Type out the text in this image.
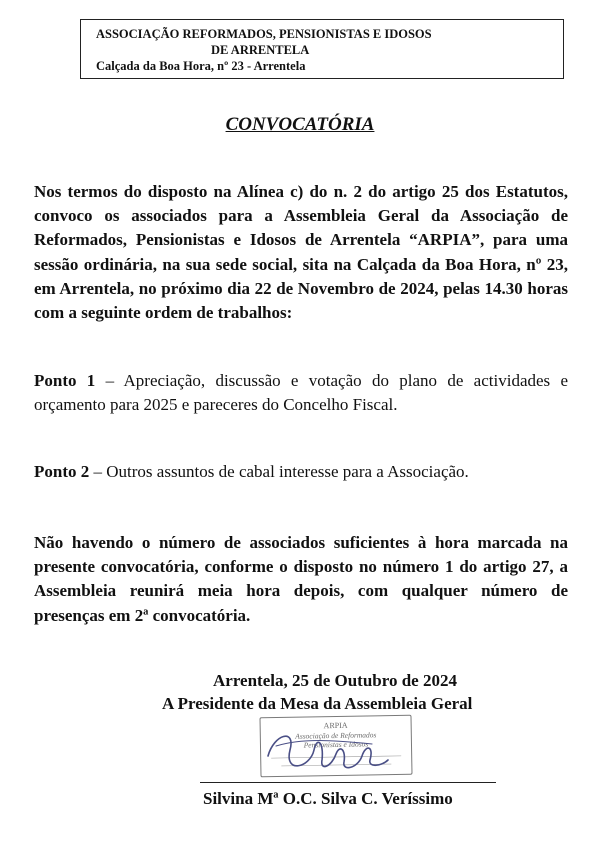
ASSOCIAÇÃO REFORMADOS, PENSIONISTAS E IDOSOS
DE ARRENTELA
Calçada da Boa Hora, nº 23 - Arrentela
CONVOCATÓRIA

Nos termos do disposto na Alínea c) do n. 2 do artigo 25 dos Estatutos, convoco os associados para a Assembleia Geral da Associação de Reformados, Pensionistas e Idosos de Arrentela “ARPIA”, para uma sessão ordinária, na sua sede social, sita na Calçada da Boa Hora, nº 23, em Arrentela, no próximo dia 22 de Novembro de 2024, pelas 14.30 horas com a seguinte ordem de trabalhos:

Ponto 1 – Apreciação, discussão e votação do plano de actividades e orçamento para 2025 e pareceres do Concelho Fiscal.

Ponto 2 – Outros assuntos de cabal interesse para a Associação.

Não havendo o número de associados suficientes à hora marcada na presente convocatória, conforme o disposto no número 1 do artigo 27, a Assembleia reunirá meia hora depois, com qualquer número de presenças em 2ª convocatória.

Arrentela, 25 de Outubro de 2024
A Presidente da Mesa da Assembleia Geral
ARPIA
Associação de Reformados
Pensionistas e Idosos
Silvina Mª O.C. Silva C. Veríssimo
